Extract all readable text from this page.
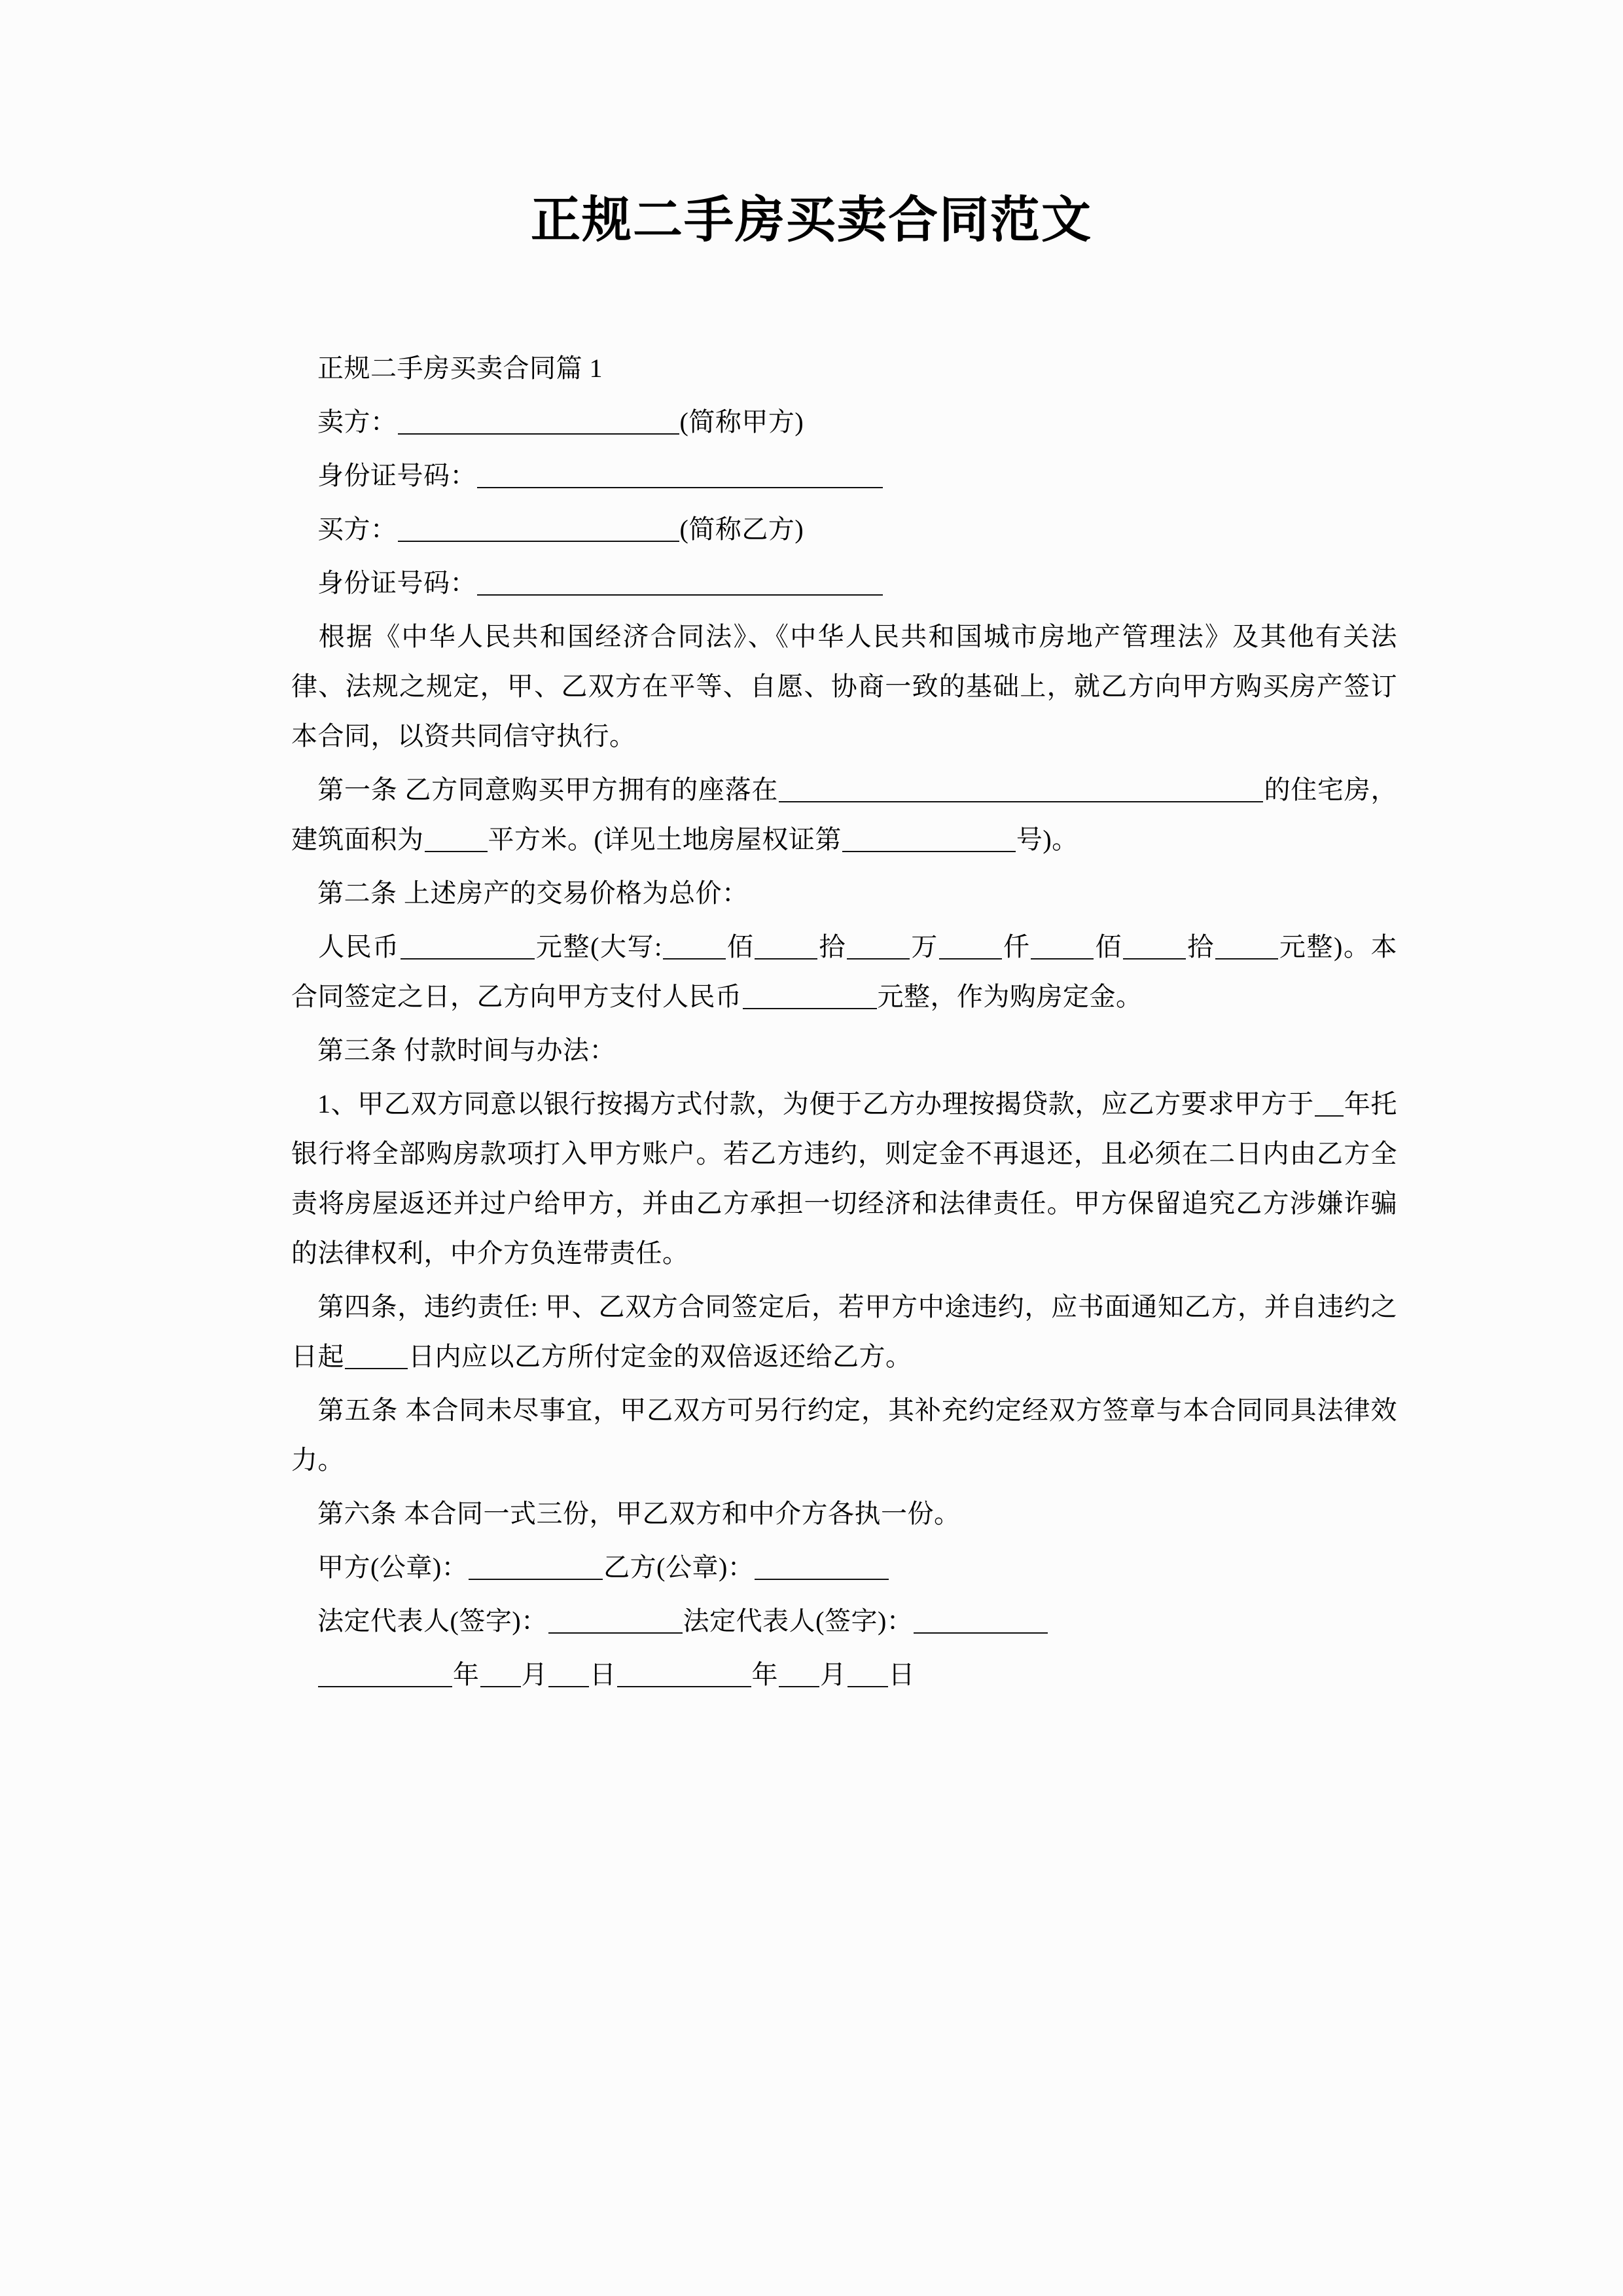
正规二手房买卖合同范文

正规二手房买卖合同篇 1

卖方：	(简称甲方)

身份证号码：

买方：	(简称乙方)

身份证号码：

根据《中华人民共和国经济合同法》、《中华人民共和国城市房地产管理法》及其他有关法律、法规之规定，甲、乙双方在平等、自愿、协商一致的基础上，就乙方向甲方购买房产签订本合同，以资共同信守执行。

第一条 乙方同意购买甲方拥有的座落在	的住宅房，建筑面积为 平方米。(详见土地房屋权证第	号)。

第二条 上述房产的交易价格为总价：

人民币	元整(大写: 佰 拾 万 仟 佰 拾 元整)。本合同签定之日，乙方向甲方支付人民币	元整，作为购房定金。

第三条 付款时间与办法：

1、甲乙双方同意以银行按揭方式付款，为便于乙方办理按揭贷款，应乙方要求甲方于 年托银行将全部购房款项打入甲方账户。若乙方违约，则定金不再退还，且必须在二日内由乙方全责将房屋返还并过户给甲方，并由乙方承担一切经济和法律责任。甲方保留追究乙方涉嫌诈骗的法律权利，中介方负连带责任。

第四条，违约责任: 甲、乙双方合同签定后，若甲方中途违约，应书面通知乙方，并自违约之日起 日内应以乙方所付定金的双倍返还给乙方。

第五条 本合同未尽事宜，甲乙双方可另行约定，其补充约定经双方签章与本合同同具法律效力。

第六条 本合同一式三份，甲乙双方和中介方各执一份。

甲方(公章)：	乙方(公章)：

法定代表人(签字)：	法定代表人(签字)：

年 月 日	年 月 日
